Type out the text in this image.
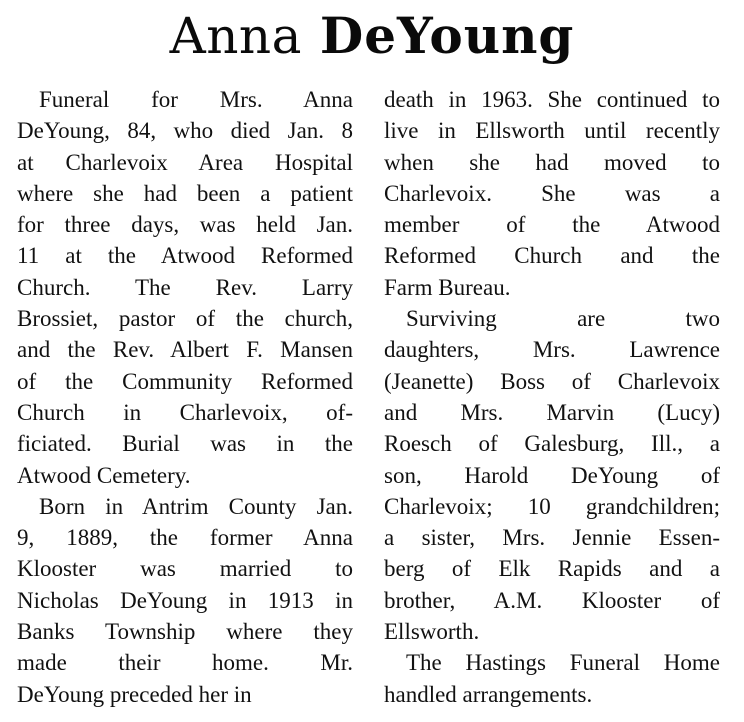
Anna DeYoung

Funeral for Mrs. Anna
DeYoung, 84, who died Jan. 8
at Charlevoix Area Hospital
where she had been a patient
for three days, was held Jan.
11 at the Atwood Reformed
Church. The Rev. Larry
Brossiet, pastor of the church,
and the Rev. Albert F. Mansen
of the Community Reformed
Church in Charlevoix, of-
ficiated. Burial was in the
Atwood Cemetery.

Born in Antrim County Jan.
9, 1889, the former Anna
Klooster was married to
Nicholas DeYoung in 1913 in
Banks Township where they
made their home. Mr.
DeYoung preceded her in

death in 1963. She continued to
live in Ellsworth until recently
when she had moved to
Charlevoix. She was a
member of the Atwood
Reformed Church and the
Farm Bureau.

Surviving are two
daughters, Mrs. Lawrence
(Jeanette) Boss of Charlevoix
and Mrs. Marvin (Lucy)
Roesch of Galesburg, Ill., a
son, Harold DeYoung of
Charlevoix; 10 grandchildren;
a sister, Mrs. Jennie Essen-
berg of Elk Rapids and a
brother, A.M. Klooster of
Ellsworth.

The Hastings Funeral Home
handled arrangements.
